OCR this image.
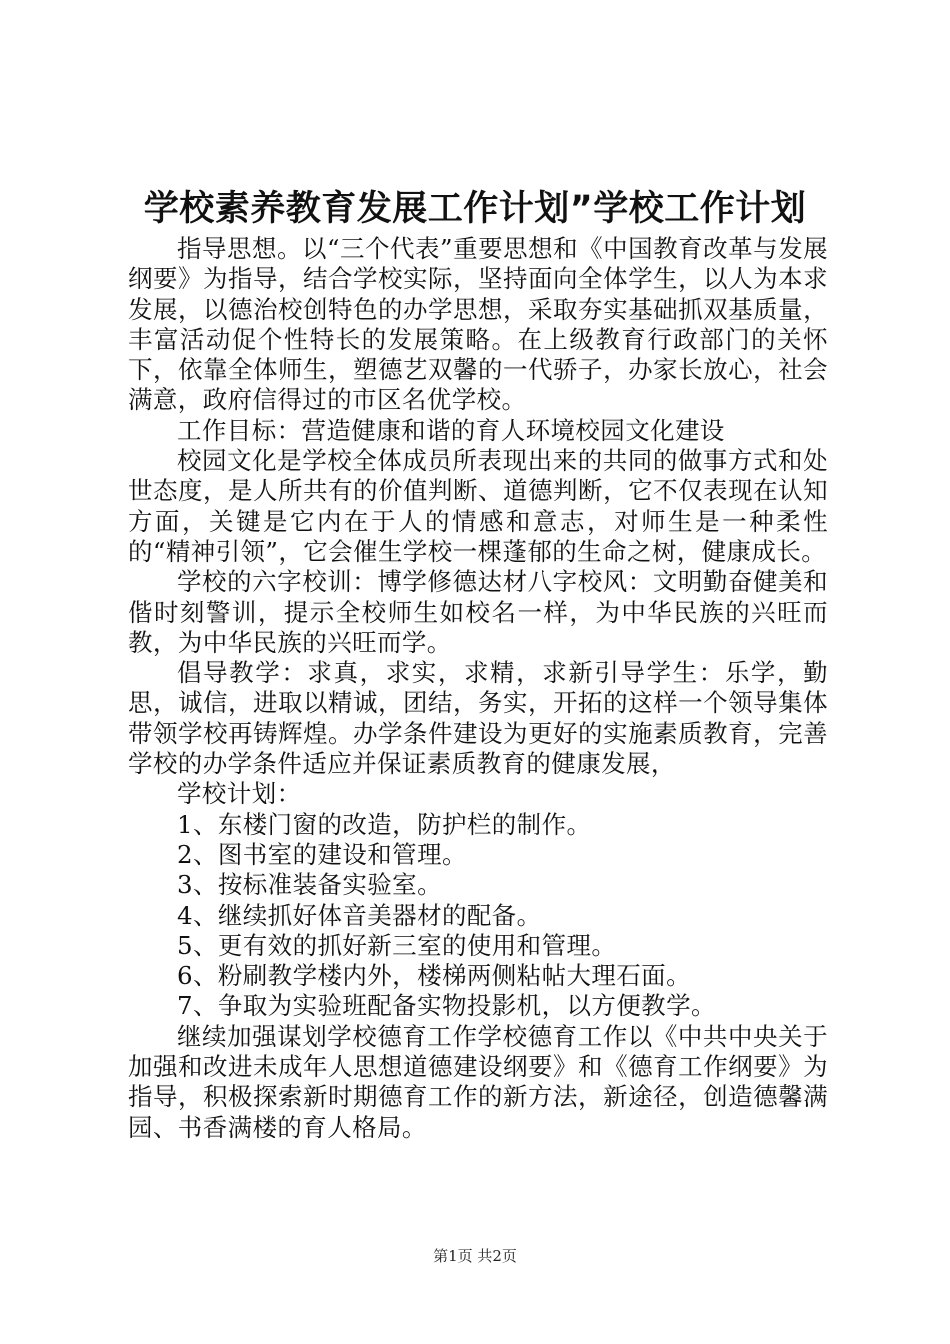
学校素养教育发展工作计划”学校工作计划

指导思想。以“三个代表”重要思想和《中国教育改革与发展纲要》为指导，结合学校实际，坚持面向全体学生，以人为本求发展，以德治校创特色的办学思想，采取夯实基础抓双基质量，丰富活动促个性特长的发展策略。在上级教育行政部门的关怀下，依靠全体师生，塑德艺双馨的一代骄子，办家长放心，社会满意，政府信得过的市区名优学校。

工作目标：营造健康和谐的育人环境校园文化建设

校园文化是学校全体成员所表现出来的共同的做事方式和处世态度，是人所共有的价值判断、道德判断，它不仅表现在认知方面，关键是它内在于人的情感和意志，对师生是一种柔性的“精神引领”，它会催生学校一棵蓬郁的生命之树，健康成长。

学校的六字校训：博学修德达材八字校风：文明勤奋健美和偕时刻警训，提示全校师生如校名一样，为中华民族的兴旺而教，为中华民族的兴旺而学。

倡导教学：求真，求实，求精，求新引导学生：乐学，勤思，诚信，进取以精诚，团结，务实，开拓的这样一个领导集体带领学校再铸辉煌。办学条件建设为更好的实施素质教育，完善学校的办学条件适应并保证素质教育的健康发展，

学校计划：

1、东楼门窗的改造，防护栏的制作。

2、图书室的建设和管理。

3、按标准装备实验室。

4、继续抓好体音美器材的配备。

5、更有效的抓好新三室的使用和管理。

6、粉刷教学楼内外，楼梯两侧粘帖大理石面。

7、争取为实验班配备实物投影机，以方便教学。

继续加强谋划学校德育工作学校德育工作以《中共中央关于加强和改进未成年人思想道德建设纲要》和《德育工作纲要》为指导，积极探索新时期德育工作的新方法，新途径，创造德馨满园、书香满楼的育人格局。

第1页 共2页
